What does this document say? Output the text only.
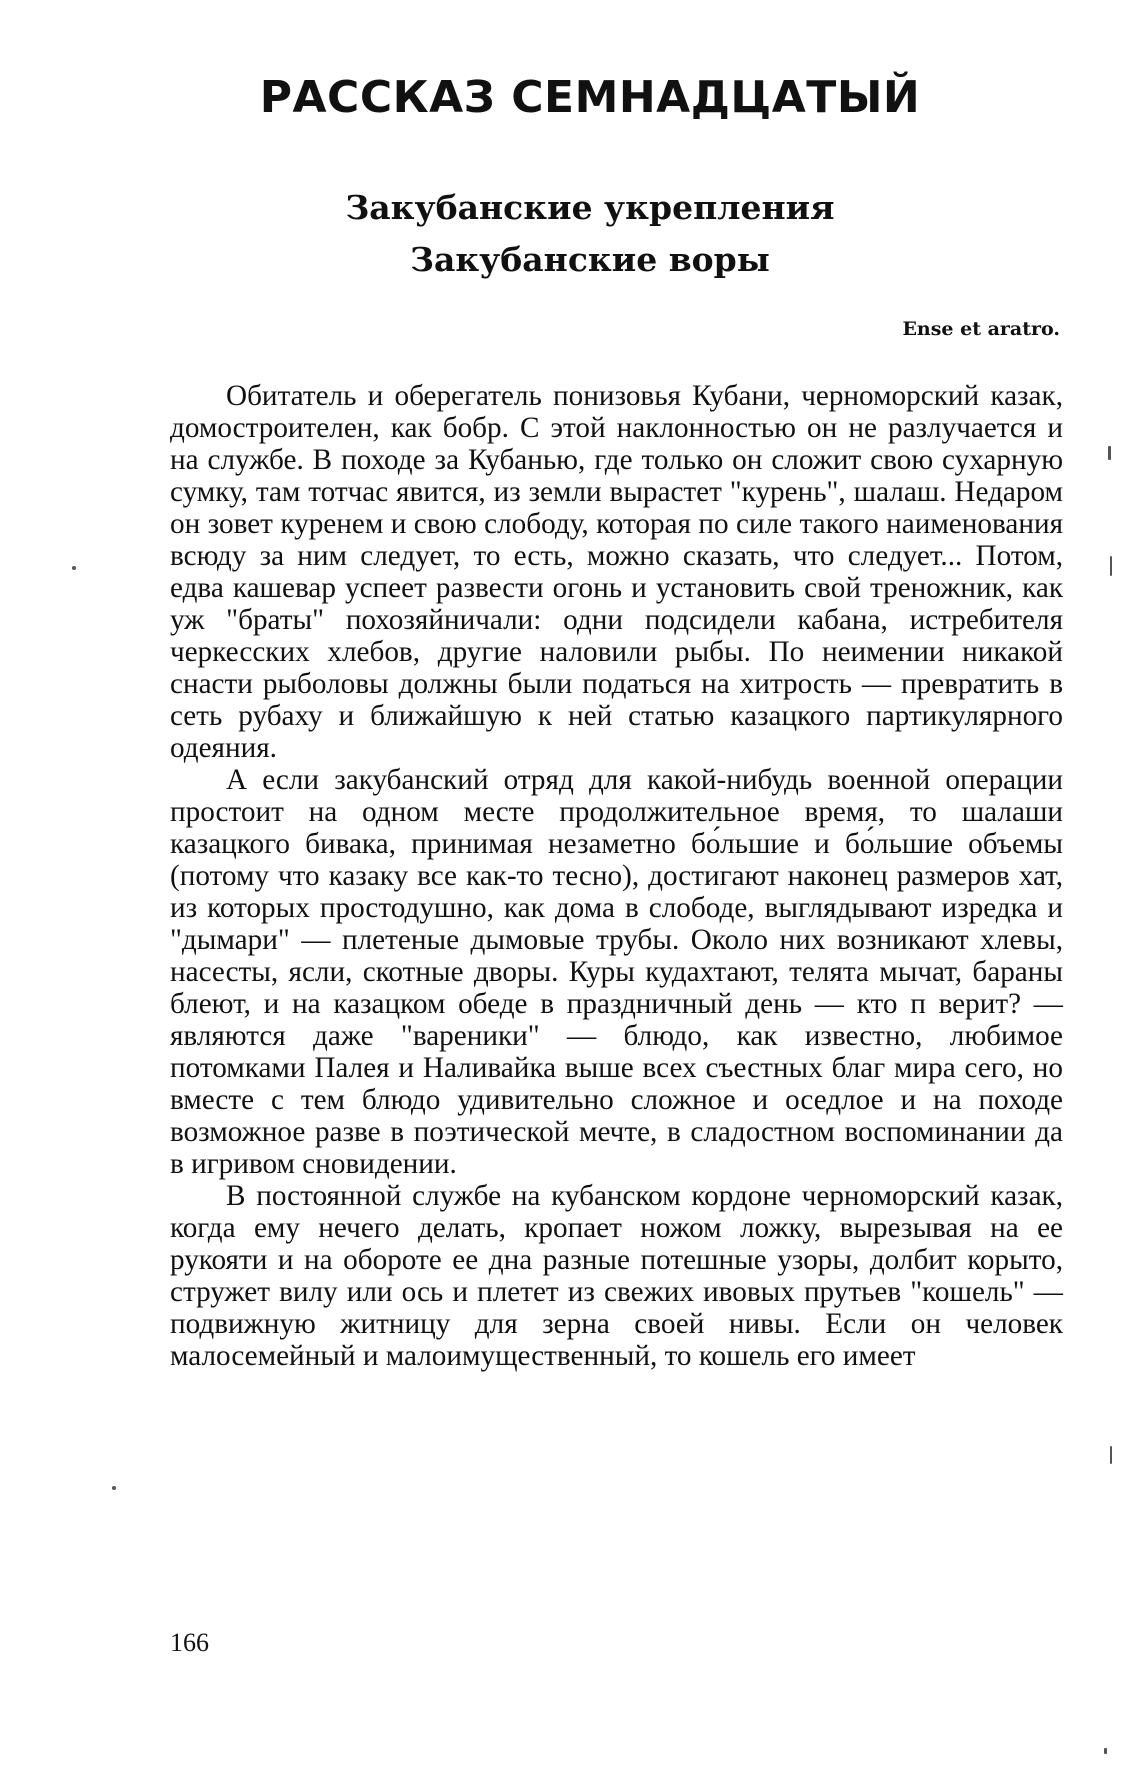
РАССКАЗ СЕМНАДЦАТЫЙ
Закубанские укрепления
Закубанские воры
Ense et aratro.

Обитатель и оберегатель понизовья Кубани, черноморский казак, домостроителен, как бобр. С этой наклонностью он не разлучается и на службе. В походе за Кубанью, где только он сложит свою сухарную сумку, там тотчас явится, из земли вырастет "курень", шалаш. Недаром он зовет куренем и свою слободу, которая по силе такого наименования всюду за ним следует, то есть, можно сказать, что следует... Потом, едва кашевар успеет развести огонь и установить свой треножник, как уж "браты" похозяйничали: одни подсидели кабана, истребителя черкесских хлебов, другие наловили рыбы. По неимении никакой снасти рыболовы должны были податься на хитрость — превратить в сеть рубаху и ближайшую к ней статью казацкого партикулярного одеяния.

А если закубанский отряд для какой-нибудь военной операции простоит на одном месте продолжительное время, то шалаши казацкого бивака, принимая незаметно бо́льшие и бо́льшие объемы (потому что казаку все как-то тесно), достигают наконец размеров хат, из которых простодушно, как дома в слободе, выглядывают изредка и "дымари" — плетеные дымовые трубы. Около них возникают хлевы, насесты, ясли, скотные дворы. Куры кудахтают, телята мычат, бараны блеют, и на казацком обеде в праздничный день — кто п верит? — являются даже "вареники" — блюдо, как известно, любимое потомками Палея и Наливайка выше всех съестных благ мира сего, но вместе с тем блюдо удивительно сложное и оседлое и на походе возможное разве в поэтической мечте, в сладостном воспоминании да в игривом сновидении.

В постоянной службе на кубанском кордоне черноморский казак, когда ему нечего делать, кропает ножом ложку, вырезывая на ее рукояти и на обороте ее дна разные потешные узоры, долбит корыто, стружет вилу или ось и плетет из свежих ивовых прутьев "кошель" — подвижную житницу для зерна своей нивы. Если он человек малосемейный и малоимущественный, то кошель его имеет

166
